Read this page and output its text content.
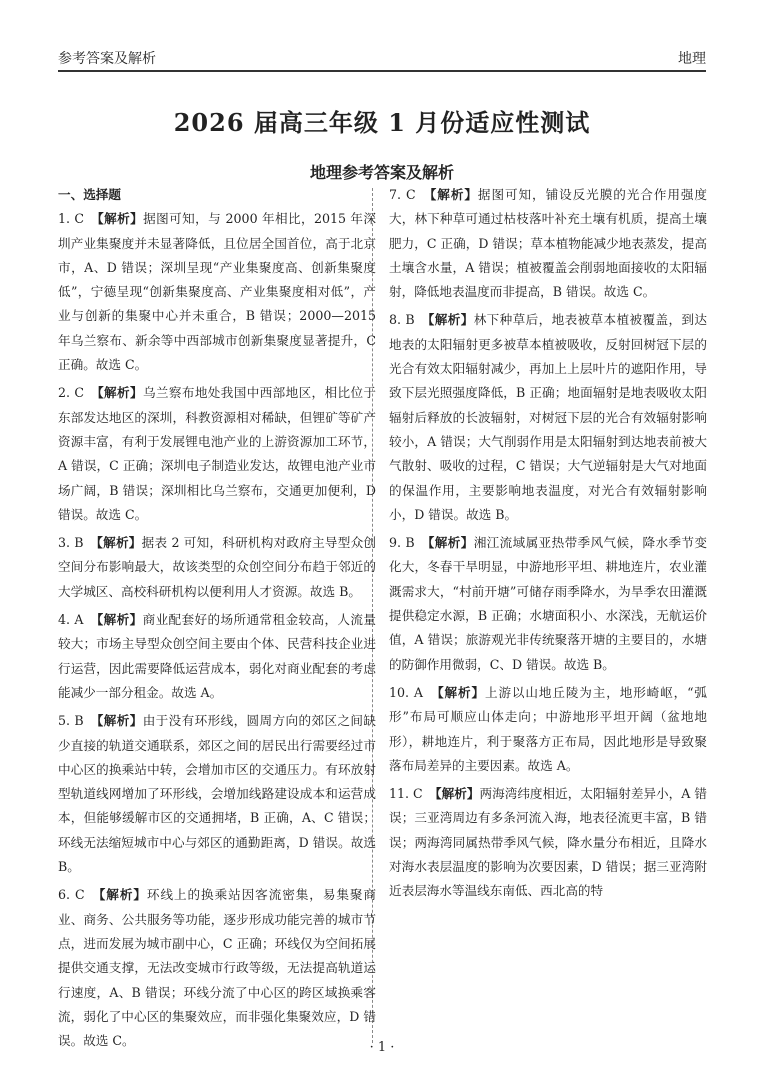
参考答案及解析	地理
2026 届高三年级 1 月份适应性测试
地理参考答案及解析
一、选择题
1. C　 【解析】据图可知，与 2000 年相比，2015 年深圳产业集聚度并未显著降低，且位居全国首位，高于北京市，A、D 错误；深圳呈现“产业集聚度高、创新集聚度低”，宁德呈现“创新集聚度高、产业集聚度相对低”，产业与创新的集聚中心并未重合，B 错误；2000—2015 年乌兰察布、新余等中西部城市创新集聚度显著提升，C 正确。故选 C。
2. C　 【解析】乌兰察布地处我国中西部地区，相比位于东部发达地区的深圳，科教资源相对稀缺，但锂矿等矿产资源丰富，有利于发展锂电池产业的上游资源加工环节，A 错误，C 正确；深圳电子制造业发达，故锂电池产业市场广阔，B 错误；深圳相比乌兰察布，交通更加便利，D 错误。故选 C。
3. B　 【解析】据表 2 可知，科研机构对政府主导型众创空间分布影响最大，故该类型的众创空间分布趋于邻近的大学城区、高校科研机构以便利用人才资源。故选 B。
4. A　 【解析】商业配套好的场所通常租金较高，人流量较大；市场主导型众创空间主要由个体、民营科技企业进行运营，因此需要降低运营成本，弱化对商业配套的考虑能减少一部分租金。故选 A。
5. B　 【解析】由于没有环形线，圆周方向的郊区之间缺少直接的轨道交通联系，郊区之间的居民出行需要经过市中心区的换乘站中转，会增加市区的交通压力。有环放射型轨道线网增加了环形线，会增加线路建设成本和运营成本，但能够缓解市区的交通拥堵，B 正确，A、C 错误；环线无法缩短城市中心与郊区的通勤距离，D 错误。故选 B。
6. C　 【解析】环线上的换乘站因客流密集，易集聚商业、商务、公共服务等功能，逐步形成功能完善的城市节点，进而发展为城市副中心，C 正确；环线仅为空间拓展提供交通支撑，无法改变城市行政等级，无法提高轨道运行速度，A、B 错误；环线分流了中心区的跨区域换乘客流，弱化了中心区的集聚效应，而非强化集聚效应，D 错误。故选 C。
7. C　 【解析】据图可知，铺设反光膜的光合作用强度大，林下种草可通过枯枝落叶补充土壤有机质，提高土壤肥力，C 正确，D 错误；草本植物能减少地表蒸发，提高土壤含水量，A 错误；植被覆盖会削弱地面接收的太阳辐射，降低地表温度而非提高，B 错误。故选 C。
8. B　 【解析】林下种草后，地表被草本植被覆盖，到达地表的太阳辐射更多被草本植被吸收，反射回树冠下层的光合有效太阳辐射减少，再加上上层叶片的遮阳作用，导致下层光照强度降低，B 正确；地面辐射是地表吸收太阳辐射后释放的长波辐射，对树冠下层的光合有效辐射影响较小，A 错误；大气削弱作用是太阳辐射到达地表前被大气散射、吸收的过程，C 错误；大气逆辐射是大气对地面的保温作用，主要影响地表温度，对光合有效辐射影响小，D 错误。故选 B。
9. B　 【解析】湘江流域属亚热带季风气候，降水季节变化大，冬春干旱明显，中游地形平坦、耕地连片，农业灌溉需求大，“村前开塘”可储存雨季降水，为旱季农田灌溉提供稳定水源，B 正确；水塘面积小、水深浅，无航运价值，A 错误；旅游观光非传统聚落开塘的主要目的，水塘的防御作用微弱，C、D 错误。故选 B。
10. A　 【解析】上游以山地丘陵为主，地形崎岖，“弧形”布局可顺应山体走向；中游地形平坦开阔（盆地地形），耕地连片，利于聚落方正布局，因此地形是导致聚落布局差异的主要因素。故选 A。
11. C　 【解析】两海湾纬度相近，太阳辐射差异小，A 错误；三亚湾周边有多条河流入海，地表径流更丰富，B 错误；两海湾同属热带季风气候，降水量分布相近，且降水对海水表层温度的影响为次要因素，D 错误；据三亚湾附近表层海水等温线东南低、西北高的特
· 1 ·
